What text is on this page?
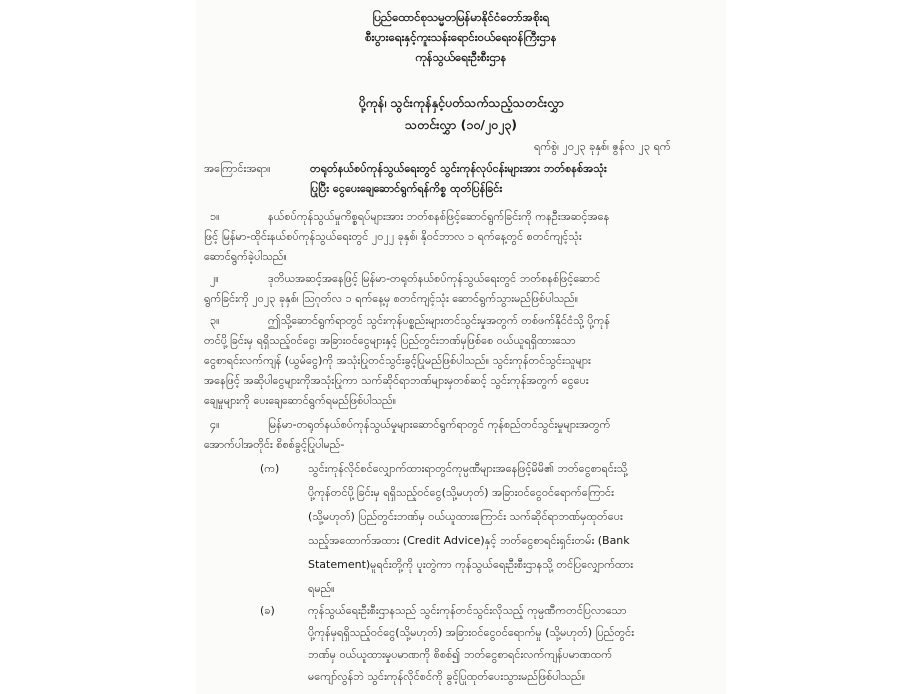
ပြည်ထောင်စုသမ္မတမြန်မာနိုင်ငံတော်အစိုးရ
စီးပွားရေးနှင့်ကူးသန်းရောင်းဝယ်ရေးဝန်ကြီးဌာန
ကုန်သွယ်ရေးဦးစီးဌာန
ပို့ကုန်၊ သွင်းကုန်နှင့်ပတ်သက်သည့်သတင်းလွှာ
သတင်းလွှာ (၁၀/၂၀၂၃)
ရက်စွဲ၊ ၂၀၂၃ ခုနှစ်၊ ဇွန်လ ၂၃ ရက်
အကြောင်းအရာ။	တရုတ်နယ်စပ်ကုန်သွယ်ရေးတွင် သွင်းကုန်လုပ်ငန်းများအား ဘတ်စနစ်အသုံး
ပြုပြီး ငွေပေးချေဆောင်ရွက်ရန်ကိစ္စ ထုတ်ပြန်ခြင်း
၁။	နယ်စပ်ကုန်သွယ်မှုကိစ္စရပ်များအား ဘတ်စနစ်ဖြင့်ဆောင်ရွက်ခြင်းကို ကနဦးအဆင့်အနေ
ဖြင့် မြန်မာ-ထိုင်းနယ်စပ်ကုန်သွယ်ရေးတွင် ၂၀၂၂ ခုနှစ်၊ နိုဝင်ဘာလ ၁ ရက်နေ့တွင် စတင်ကျင့်သုံး
ဆောင်ရွက်ခဲ့ပါသည်။
၂။	ဒုတိယအဆင့်အနေဖြင့် မြန်မာ-တရုတ်နယ်စပ်ကုန်သွယ်ရေးတွင် ဘတ်စနစ်ဖြင့်ဆောင်
ရွက်ခြင်းကို ၂၀၂၃ ခုနှစ်၊ ဩဂုတ်လ ၁ ရက်နေ့မှ စတင်ကျင့်သုံး ဆောင်ရွက်သွားမည်ဖြစ်ပါသည်။
၃။	ဤသို့ဆောင်ရွက်ရာတွင် သွင်းကုန်ပစ္စည်းများတင်သွင်းမှုအတွက် တစ်ဖက်နိုင်ငံသို့ ပို့ကုန်
တင်ပို့ခြင်းမှ ရရှိသည့်ဝင်ငွေ၊ အခြားဝင်ငွေများနှင့် ပြည်တွင်းဘဏ်မှဖြစ်စေ ဝယ်ယူရရှိထားသော
ငွေစာရင်းလက်ကျန် (ယွမ်ငွေ)ကို အသုံးပြုတင်သွင်းခွင့်ပြုမည်ဖြစ်ပါသည်။ သွင်းကုန်တင်သွင်းသူများ
အနေဖြင့် အဆိုပါငွေများကိုအသုံးပြုကာ သက်ဆိုင်ရာဘဏ်များမှတစ်ဆင့် သွင်းကုန်အတွက် ငွေပေး
ချေမှုများကို ပေးချေဆောင်ရွက်ရမည်ဖြစ်ပါသည်။
၄။	မြန်မာ-တရုတ်နယ်စပ်ကုန်သွယ်မှုများဆောင်ရွက်ရာတွင် ကုန်စည်တင်သွင်းမှုများအတွက်
အောက်ပါအတိုင်း စိစစ်ခွင့်ပြုပါမည်-
(က)	သွင်းကုန်လိုင်စင်လျှောက်ထားရာတွင်ကုမ္ပဏီများအနေဖြင့်မိမိ၏ ဘတ်ငွေစာရင်းသို့
ပို့ကုန်တင်ပို့ခြင်းမှ ရရှိသည့်ဝင်ငွေ(သို့မဟုတ်) အခြားဝင်ငွေဝင်ရောက်ကြောင်း
(သို့မဟုတ်) ပြည်တွင်းဘဏ်မှ ဝယ်ယူထားကြောင်း သက်ဆိုင်ရာဘဏ်မှထုတ်ပေး
သည့်အထောက်အထား (Credit Advice)နှင့် ဘတ်ငွေစာရင်းရှင်းတမ်း (Bank
Statement)မူရင်းတို့ကို ပူးတွဲကာ ကုန်သွယ်ရေးဦးစီးဌာနသို့ တင်ပြလျှောက်ထား
ရမည်။
(ခ)	ကုန်သွယ်ရေးဦးစီးဌာနသည် သွင်းကုန်တင်သွင်းလိုသည့် ကုမ္ပဏီကတင်ပြလာသော
ပို့ကုန်မှရရှိသည့်ဝင်ငွေ(သို့မဟုတ်) အခြားဝင်ငွေဝင်ရောက်မှု (သို့မဟုတ်) ပြည်တွင်း
ဘဏ်မှ ဝယ်ယူထားမှုပမာဏကို စိစစ်၍ ဘတ်ငွေစာရင်းလက်ကျန်ပမာဏထက်
မကျော်လွန်ဘဲ သွင်းကုန်လိုင်စင်ကို ခွင့်ပြုထုတ်ပေးသွားမည်ဖြစ်ပါသည်။
